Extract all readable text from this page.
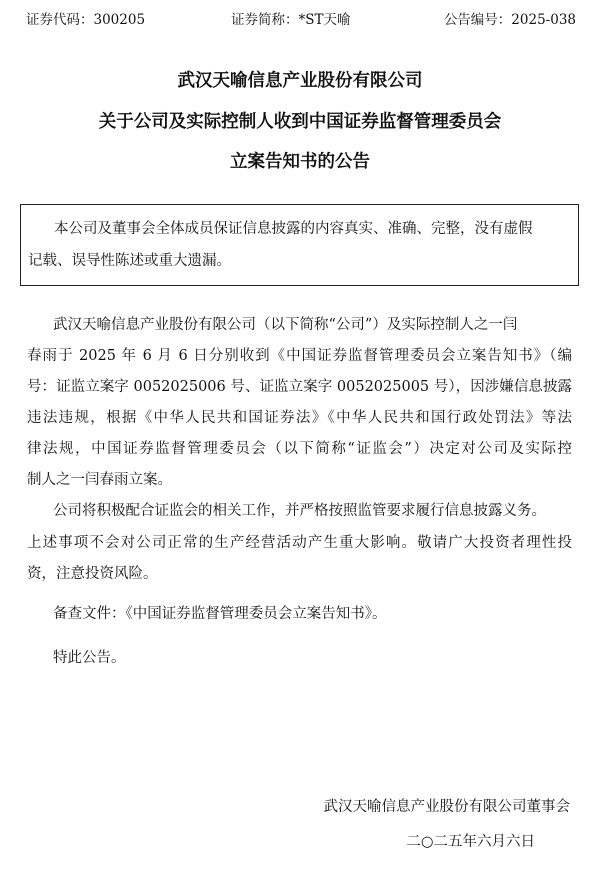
证券代码：300205	证券简称：*ST天喻	公告编号：2025-038
武汉天喻信息产业股份有限公司
关于公司及实际控制人收到中国证券监督管理委员会
立案告知书的公告
本公司及董事会全体成员保证信息披露的内容真实、准确、完整，没有虚假
记载、误导性陈述或重大遗漏。
武汉天喻信息产业股份有限公司（以下简称“公司”）及实际控制人之一闫
春雨于 2025 年 6 月 6 日分别收到《中国证券监督管理委员会立案告知书》（编
号：证监立案字 0052025006 号、证监立案字 0052025005 号），因涉嫌信息披露
违法违规，根据《中华人民共和国证券法》《中华人民共和国行政处罚法》等法
律法规，中国证券监督管理委员会（以下简称“证监会”）决定对公司及实际控
制人之一闫春雨立案。
公司将积极配合证监会的相关工作，并严格按照监管要求履行信息披露义务。
上述事项不会对公司正常的生产经营活动产生重大影响。敬请广大投资者理性投
资，注意投资风险。
备查文件：《中国证券监督管理委员会立案告知书》。
特此公告。
武汉天喻信息产业股份有限公司董事会
二○二五年六月六日
